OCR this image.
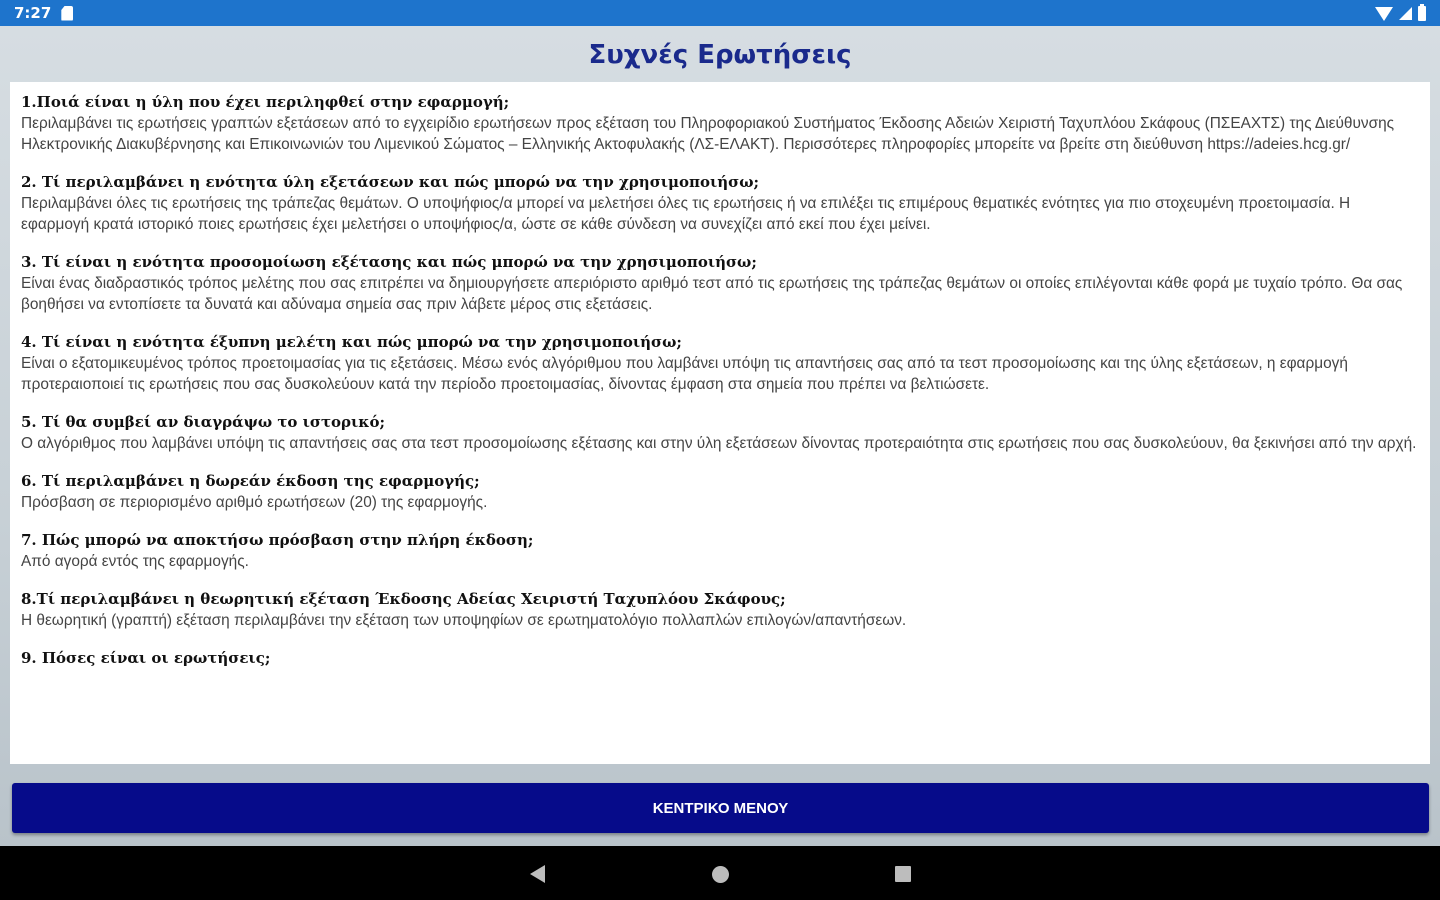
7:27
Συχνές Ερωτήσεις
1.Ποιά είναι η ύλη που έχει περιληφθεί στην εφαρμογή;
Περιλαμβάνει τις ερωτήσεις γραπτών εξετάσεων από το εγχειρίδιο ερωτήσεων προς εξέταση του Πληροφοριακού Συστήματος Έκδοσης Αδειών Χειριστή Ταχυπλόου Σκάφους (ΠΣΕΑΧΤΣ) της Διεύθυνσης Ηλεκτρονικής Διακυβέρνησης και Επικοινωνιών του Λιμενικού Σώματος – Ελληνικής Ακτοφυλακής (ΛΣ-ΕΛΑΚΤ). Περισσότερες πληροφορίες μπορείτε να βρείτε στη διεύθυνση https://adeies.hcg.gr/
2. Τί περιλαμβάνει η ενότητα ύλη εξετάσεων και πώς μπορώ να την χρησιμοποιήσω;
Περιλαμβάνει όλες τις ερωτήσεις της τράπεζας θεμάτων. Ο υποψήφιος/α μπορεί να μελετήσει όλες τις ερωτήσεις ή να επιλέξει τις επιμέρους θεματικές ενότητες για πιο στοχευμένη προετοιμασία. Η εφαρμογή κρατά ιστορικό ποιες ερωτήσεις έχει μελετήσει ο υποψήφιος/α, ώστε σε κάθε σύνδεση να συνεχίζει από εκεί που έχει μείνει.
3. Τί είναι η ενότητα προσομοίωση εξέτασης και πώς μπορώ να την χρησιμοποιήσω;
Είναι ένας διαδραστικός τρόπος μελέτης που σας επιτρέπει να δημιουργήσετε απεριόριστο αριθμό τεστ από τις ερωτήσεις της τράπεζας θεμάτων οι οποίες επιλέγονται κάθε φορά με τυχαίο τρόπο. Θα σας βοηθήσει να εντοπίσετε τα δυνατά και αδύναμα σημεία σας πριν λάβετε μέρος στις εξετάσεις.
4. Τί είναι η ενότητα έξυπνη μελέτη και πώς μπορώ να την χρησιμοποιήσω;
Είναι ο εξατομικευμένος τρόπος προετοιμασίας για τις εξετάσεις. Μέσω ενός αλγόριθμου που λαμβάνει υπόψη τις απαντήσεις σας από τα τεστ προσομοίωσης και της ύλης εξετάσεων, η εφαρμογή προτεραιοποιεί τις ερωτήσεις που σας δυσκολεύουν κατά την περίοδο προετοιμασίας, δίνοντας έμφαση στα σημεία που πρέπει να βελτιώσετε.
5. Τί θα συμβεί αν διαγράψω το ιστορικό;
Ο αλγόριθμος που λαμβάνει υπόψη τις απαντήσεις σας στα τεστ προσομοίωσης εξέτασης και στην ύλη εξετάσεων δίνοντας προτεραιότητα στις ερωτήσεις που σας δυσκολεύουν, θα ξεκινήσει από την αρχή.
6. Τί περιλαμβάνει η δωρεάν έκδοση της εφαρμογής;
Πρόσβαση σε περιορισμένο αριθμό ερωτήσεων (20) της εφαρμογής.
7. Πώς μπορώ να αποκτήσω πρόσβαση στην πλήρη έκδοση;
Από αγορά εντός της εφαρμογής.
8.Τί περιλαμβάνει η θεωρητική εξέταση Έκδοσης Αδείας Χειριστή Ταχυπλόου Σκάφους;
Η θεωρητική (γραπτή) εξέταση περιλαμβάνει την εξέταση των υποψηφίων σε ερωτηματολόγιο πολλαπλών επιλογών/απαντήσεων.
9. Πόσες είναι οι ερωτήσεις;
ΚΕΝΤΡΙΚΟ ΜΕΝΟΥ
